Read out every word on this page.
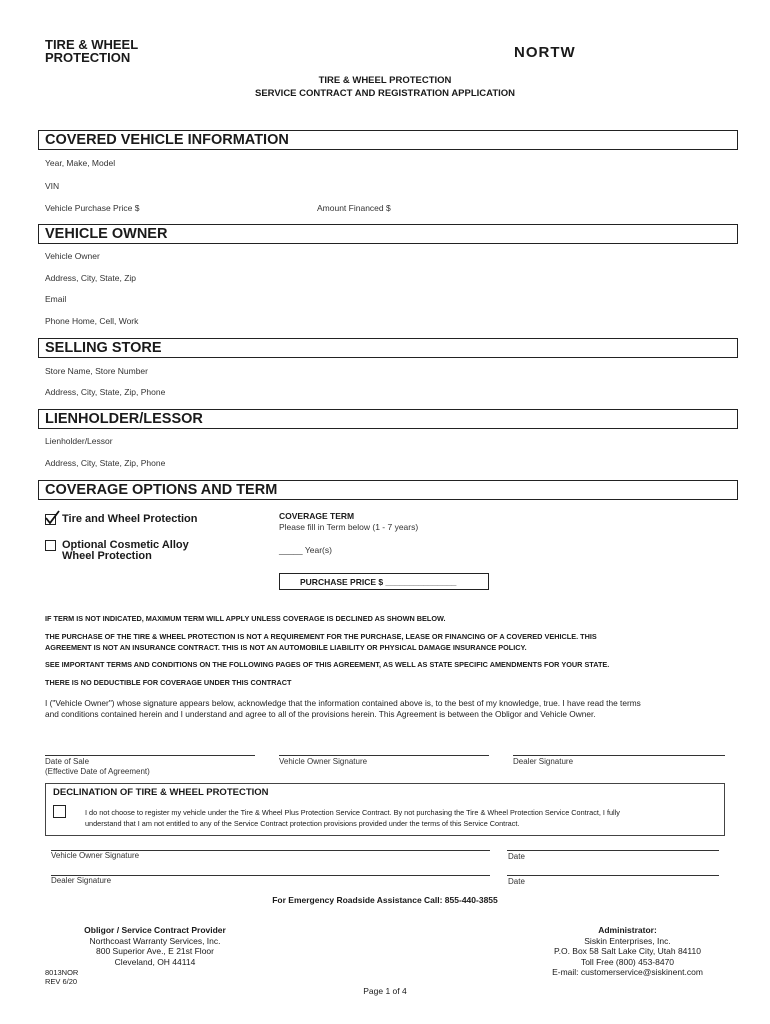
TIRE & WHEEL
PROTECTION	NORTW
TIRE & WHEEL PROTECTION
SERVICE CONTRACT AND REGISTRATION APPLICATION
COVERED VEHICLE INFORMATION
Year, Make, Model
VIN
Vehicle Purchase Price $	Amount Financed $
VEHICLE OWNER
Vehicle Owner
Address, City, State, Zip
Email
Phone Home, Cell, Work
SELLING STORE
Store Name, Store Number
Address, City, State, Zip, Phone
LIENHOLDER/LESSOR
Lienholder/Lessor
Address, City, State, Zip, Phone
COVERAGE OPTIONS AND TERM
Tire and Wheel Protection
Optional Cosmetic Alloy
Wheel Protection
COVERAGE TERM
Please fill in Term below (1 - 7 years)
_____ Year(s)
PURCHASE PRICE $ _______________
IF TERM IS NOT INDICATED, MAXIMUM TERM WILL APPLY UNLESS COVERAGE IS DECLINED AS SHOWN BELOW.
THE PURCHASE OF THE TIRE & WHEEL PROTECTION IS NOT A REQUIREMENT FOR THE PURCHASE, LEASE OR FINANCING OF A COVERED VEHICLE. THIS
AGREEMENT IS NOT AN INSURANCE CONTRACT. THIS IS NOT AN AUTOMOBILE LIABILITY OR PHYSICAL DAMAGE INSURANCE POLICY.
SEE IMPORTANT TERMS AND CONDITIONS ON THE FOLLOWING PAGES OF THIS AGREEMENT, AS WELL AS STATE SPECIFIC AMENDMENTS FOR YOUR STATE.
THERE IS NO DEDUCTIBLE FOR COVERAGE UNDER THIS CONTRACT
I ("Vehicle Owner") whose signature appears below, acknowledge that the information contained above is, to the best of my knowledge, true. I have read the terms
and conditions contained herein and I understand and agree to all of the provisions herein. This Agreement is between the Obligor and Vehicle Owner.
Date of Sale
(Effective Date of Agreement)
Vehicle Owner Signature	Dealer Signature
DECLINATION OF TIRE & WHEEL PROTECTION
I do not choose to register my vehicle under the Tire & Wheel Plus Protection Service Contract. By not purchasing the Tire & Wheel Protection Service Contract, I fully
understand that I am not entitled to any of the Service Contract protection provisions provided under the terms of this Service Contract.
Vehicle Owner Signature	Date
Dealer Signature	Date
For Emergency Roadside Assistance Call: 855-440-3855
Obligor / Service Contract Provider
Northcoast Warranty Services, Inc.
800 Superior Ave., E 21st Floor
Cleveland, OH 44114
Administrator:
Siskin Enterprises, Inc.
P.O. Box 58 Salt Lake City, Utah 84110
Toll Free (800) 453-8470
E-mail: customerservice@siskinent.com
8013NOR
REV 6/20
Page 1 of 4
